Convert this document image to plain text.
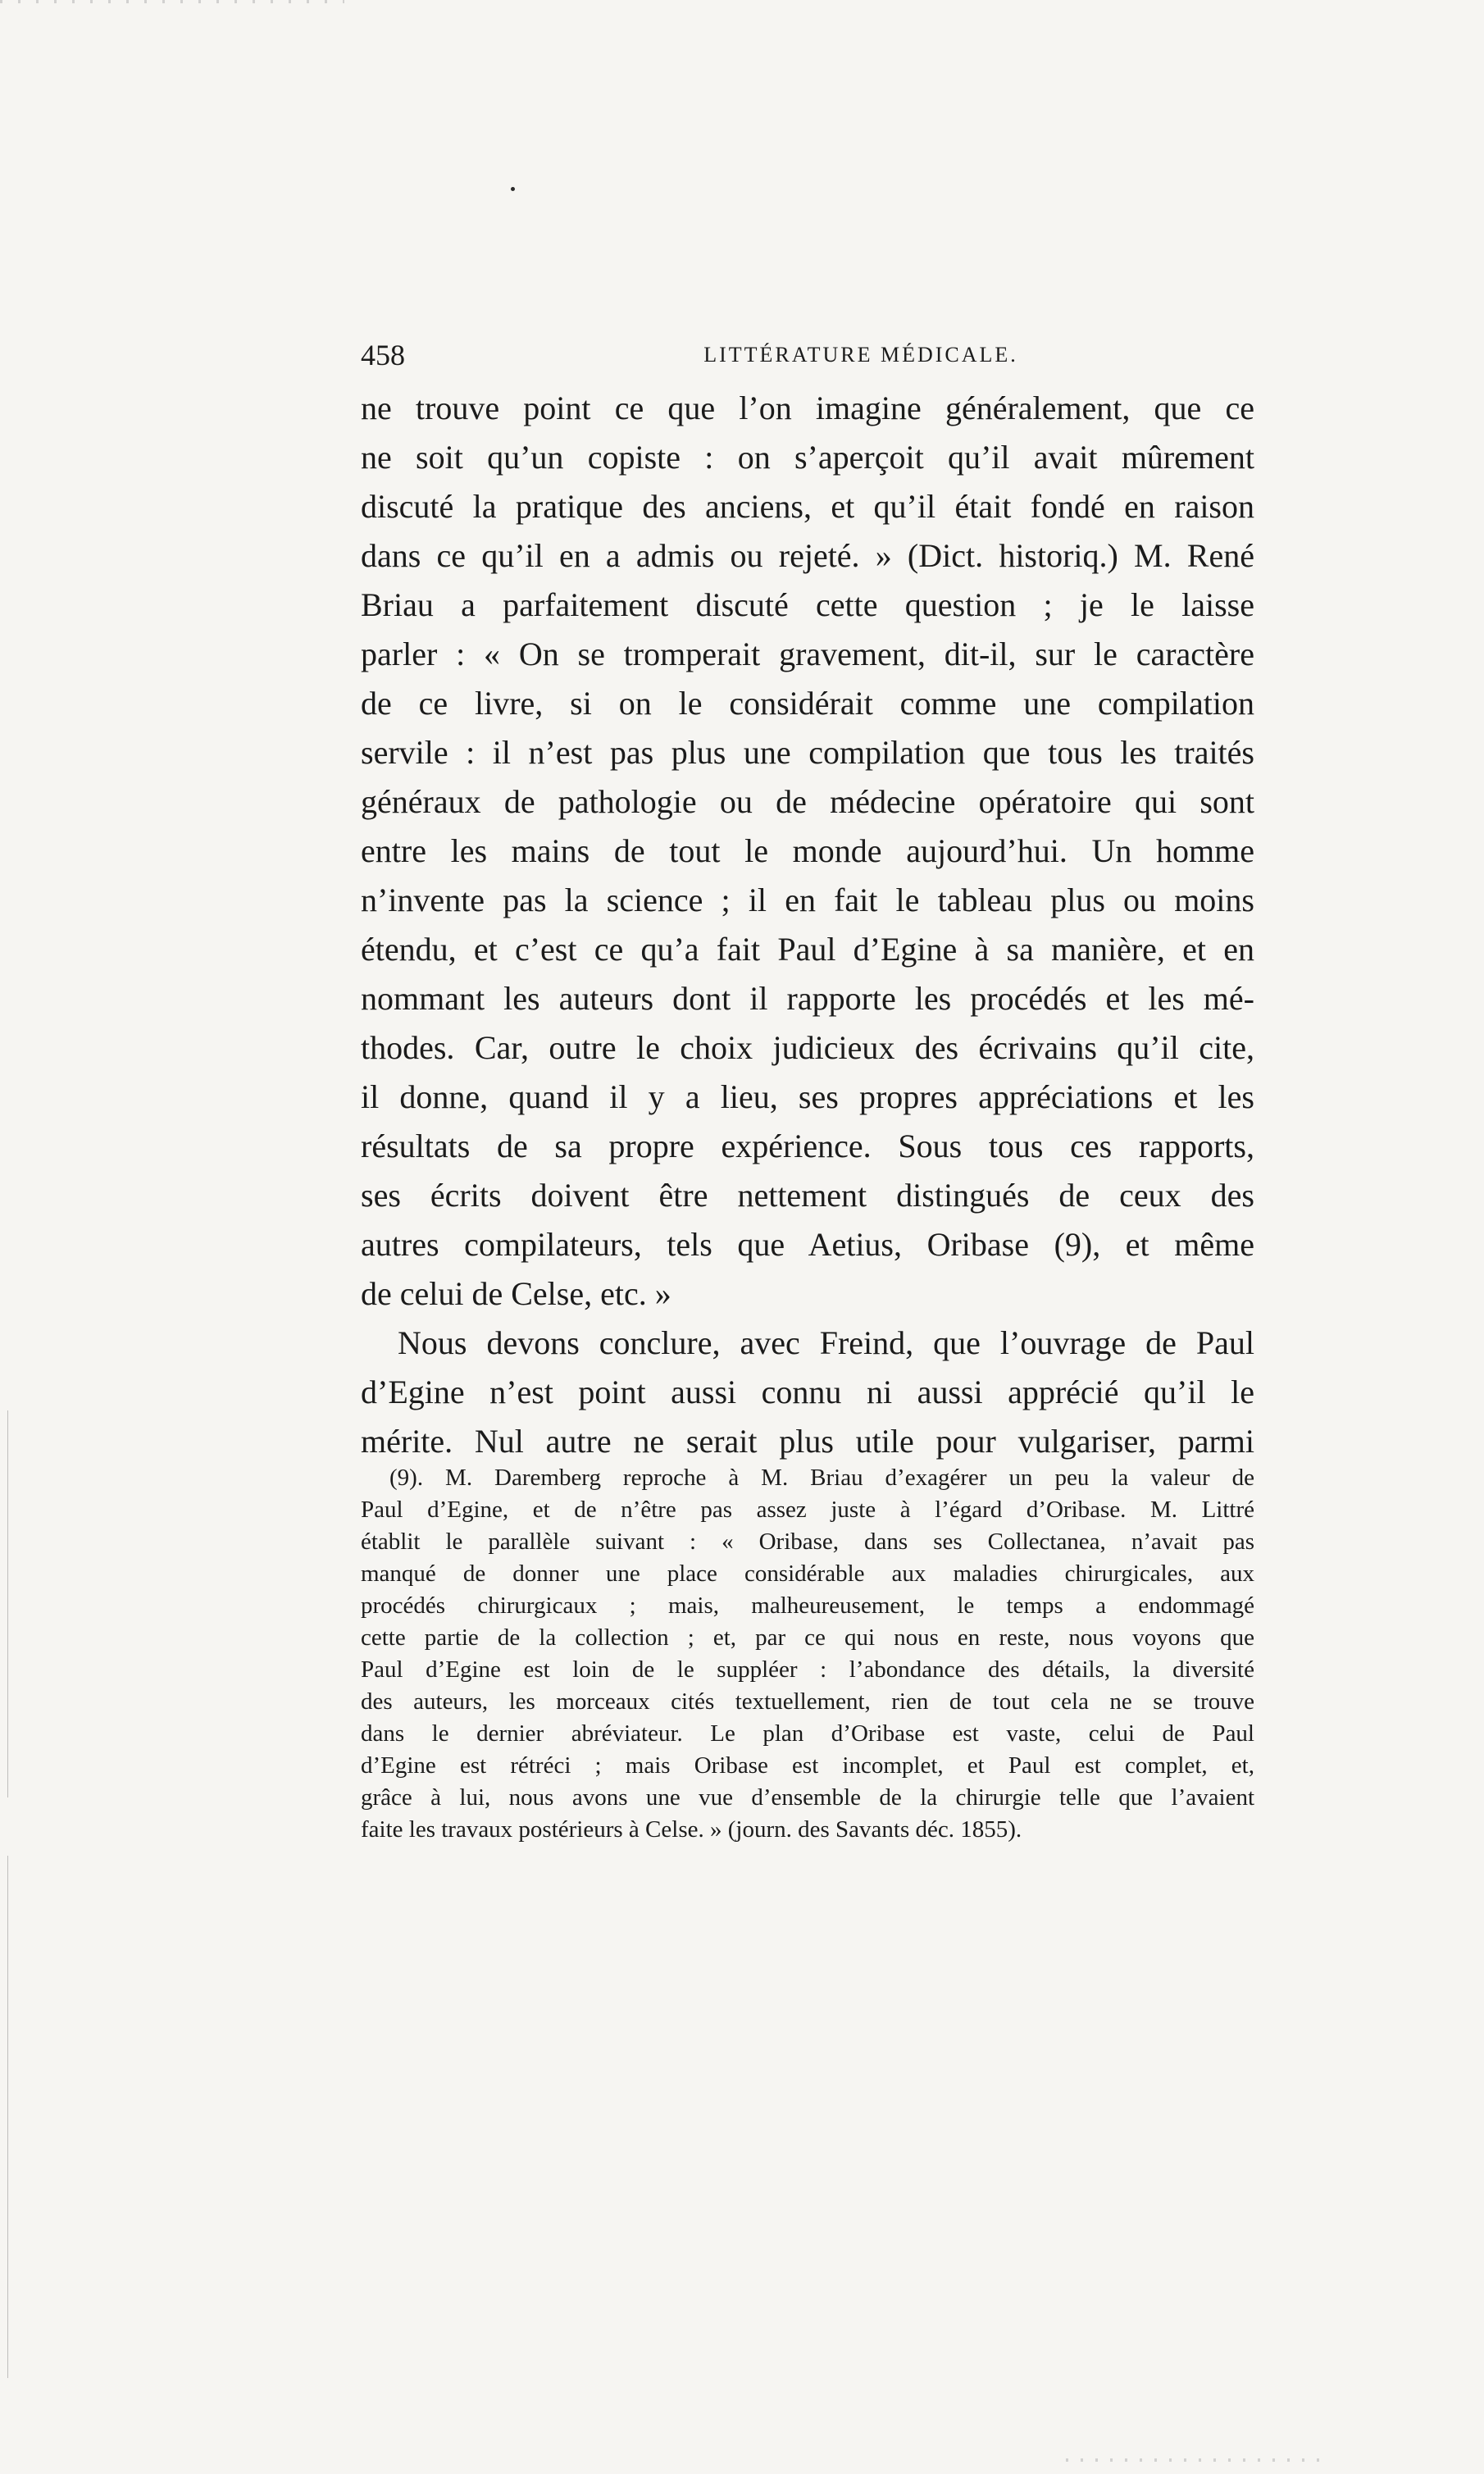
458	LITTÉRATURE MÉDICALE.
ne trouve point ce que l’on imagine généralement, que ce
ne soit qu’un copiste : on s’aperçoit qu’il avait mûrement
discuté la pratique des anciens, et qu’il était fondé en raison
dans ce qu’il en a admis ou rejeté. » (Dict. historiq.) M. René
Briau a parfaitement discuté cette question ; je le laisse
parler : « On se tromperait gravement, dit-il, sur le caractère
de ce livre, si on le considérait comme une compilation
servile : il n’est pas plus une compilation que tous les traités
généraux de pathologie ou de médecine opératoire qui sont
entre les mains de tout le monde aujourd’hui. Un homme
n’invente pas la science ; il en fait le tableau plus ou moins
étendu, et c’est ce qu’a fait Paul d’Egine à sa manière, et en
nommant les auteurs dont il rapporte les procédés et les mé-
thodes. Car, outre le choix judicieux des écrivains qu’il cite,
il donne, quand il y a lieu, ses propres appréciations et les
résultats de sa propre expérience. Sous tous ces rapports,
ses écrits doivent être nettement distingués de ceux des
autres compilateurs, tels que Aetius, Oribase (9), et même
de celui de Celse, etc. »
Nous devons conclure, avec Freind, que l’ouvrage de Paul
d’Egine n’est point aussi connu ni aussi apprécié qu’il le
mérite. Nul autre ne serait plus utile pour vulgariser, parmi
(9). M. Daremberg reproche à M. Briau d’exagérer un peu la valeur de
Paul d’Egine, et de n’être pas assez juste à l’égard d’Oribase. M. Littré
établit le parallèle suivant : « Oribase, dans ses Collectanea, n’avait pas
manqué de donner une place considérable aux maladies chirurgicales, aux
procédés chirurgicaux ; mais, malheureusement, le temps a endommagé
cette partie de la collection ; et, par ce qui nous en reste, nous voyons que
Paul d’Egine est loin de le suppléer : l’abondance des détails, la diversité
des auteurs, les morceaux cités textuellement, rien de tout cela ne se trouve
dans le dernier abréviateur. Le plan d’Oribase est vaste, celui de Paul
d’Egine est rétréci ; mais Oribase est incomplet, et Paul est complet, et,
grâce à lui, nous avons une vue d’ensemble de la chirurgie telle que l’avaient
faite les travaux postérieurs à Celse. » (journ. des Savants déc. 1855).
